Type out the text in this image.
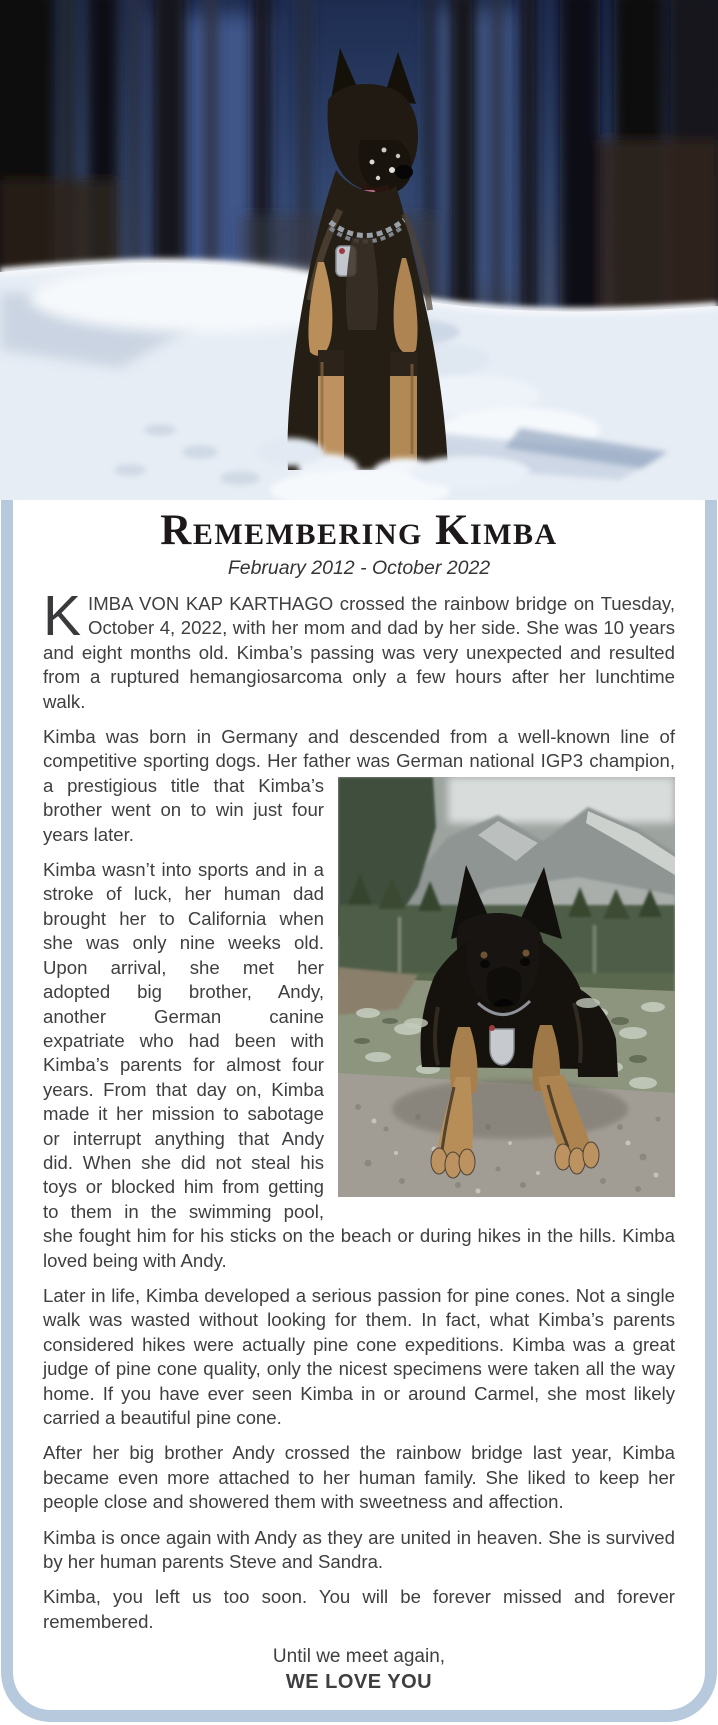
Remembering Kimba
February 2012 - October 2022

KIMBA VON KAP KARTHAGO crossed the rainbow bridge on Tuesday, October 4, 2022, with her mom and dad by her side. She was 10 years and eight months old. Kimba’s passing was very unexpected and resulted from a ruptured hemangiosarcoma only a few hours after her lunchtime walk.

Kimba was born in Germany and descended from a well-known line of competitive sporting dogs. Her father was German national IGP3
champion, a prestigious title that Kimba’s brother went on to win just four years later.

Kimba wasn’t into sports and in a stroke of luck, her human dad brought her to California when she was only nine weeks old. Upon arrival, she met her adopted big brother, Andy, another German canine expatriate who had been with Kimba’s parents for almost four years. From that day on, Kimba made it her mission to sabotage or interrupt anything that Andy did. When she did not steal his toys or blocked him from getting to them in the swimming pool, she fought him for his sticks on the beach or during hikes in the hills. Kimba loved being with Andy.

Later in life, Kimba developed a serious passion for pine cones. Not a single walk was wasted without looking for them. In fact, what Kimba’s parents considered hikes were actually pine cone expeditions. Kimba was a great judge of pine cone quality, only the nicest specimens were taken all the way home. If you have ever seen Kimba in or around Carmel, she most likely carried a beautiful pine cone.

After her big brother Andy crossed the rainbow bridge last year, Kimba became even more attached to her human family. She liked to keep her people close and showered them with sweetness and affection.

Kimba is once again with Andy as they are united in heaven. She is survived by her human parents Steve and Sandra.

Kimba, you left us too soon. You will be forever missed and forever remembered.

Until we meet again,
WE LOVE YOU
